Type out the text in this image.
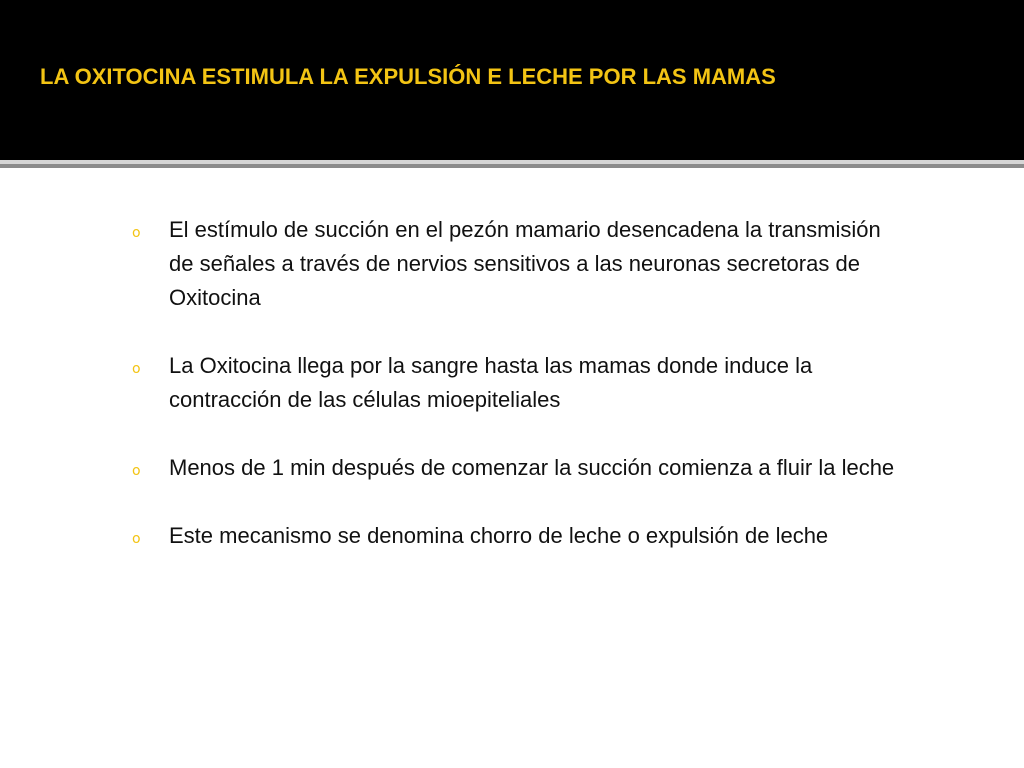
LA OXITOCINA ESTIMULA LA EXPULSIÓN E LECHE POR LAS MAMAS
o El estímulo de succión en el pezón mamario desencadena la transmisión de señales a través de nervios sensitivos a las neuronas secretoras de Oxitocina
o La Oxitocina llega por la sangre hasta las mamas donde induce la contracción de las células mioepiteliales
o Menos de 1 min después de comenzar la succión comienza a fluir la leche
o Este mecanismo se denomina chorro de leche o expulsión de leche
